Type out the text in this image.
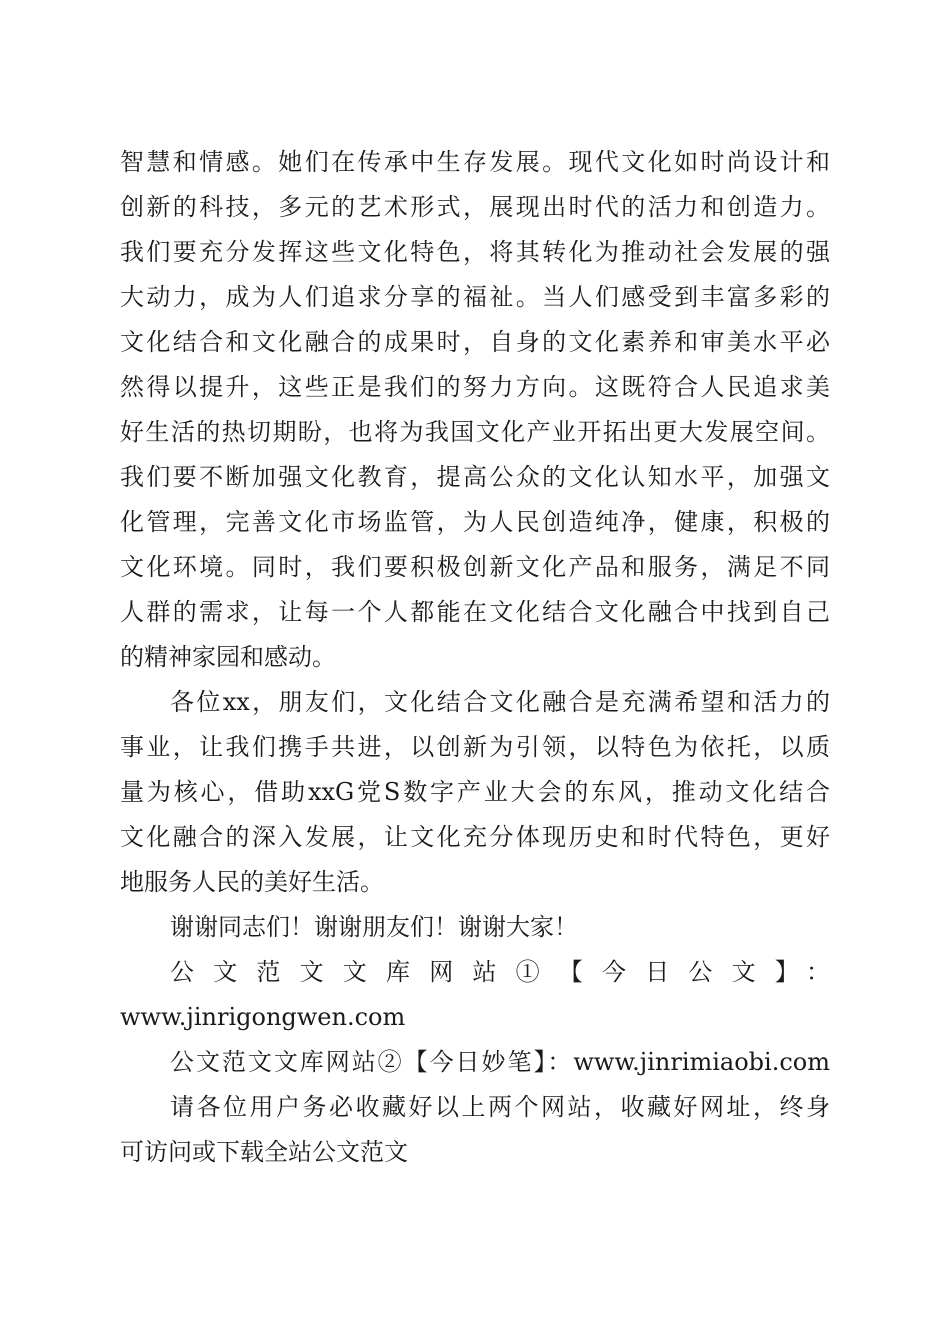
智慧和情感。她们在传承中生存发展。现代文化如时尚设计和
创新的科技，多元的艺术形式，展现出时代的活力和创造力。
我们要充分发挥这些文化特色，将其转化为推动社会发展的强
大动力，成为人们追求分享的福祉。当人们感受到丰富多彩的
文化结合和文化融合的成果时，自身的文化素养和审美水平必
然得以提升，这些正是我们的努力方向。这既符合人民追求美
好生活的热切期盼，也将为我国文化产业开拓出更大发展空间。
我们要不断加强文化教育，提高公众的文化认知水平，加强文
化管理，完善文化市场监管，为人民创造纯净，健康，积极的
文化环境。同时，我们要积极创新文化产品和服务，满足不同
人群的需求，让每一个人都能在文化结合文化融合中找到自己
的精神家园和感动。
各位xx，朋友们，文化结合文化融合是充满希望和活力的
事业，让我们携手共进，以创新为引领，以特色为依托，以质
量为核心，借助xxG党S数字产业大会的东风，推动文化结合
文化融合的深入发展，让文化充分体现历史和时代特色，更好
地服务人民的美好生活。
谢谢同志们！谢谢朋友们！谢谢大家！
公文范文文库网站①【今日公文】：
www.jinrigongwen.com
公文范文文库网站②【今日妙笔】：www.jinrimiaobi.com
请各位用户务必收藏好以上两个网站，收藏好网址，终身
可访问或下载全站公文范文
